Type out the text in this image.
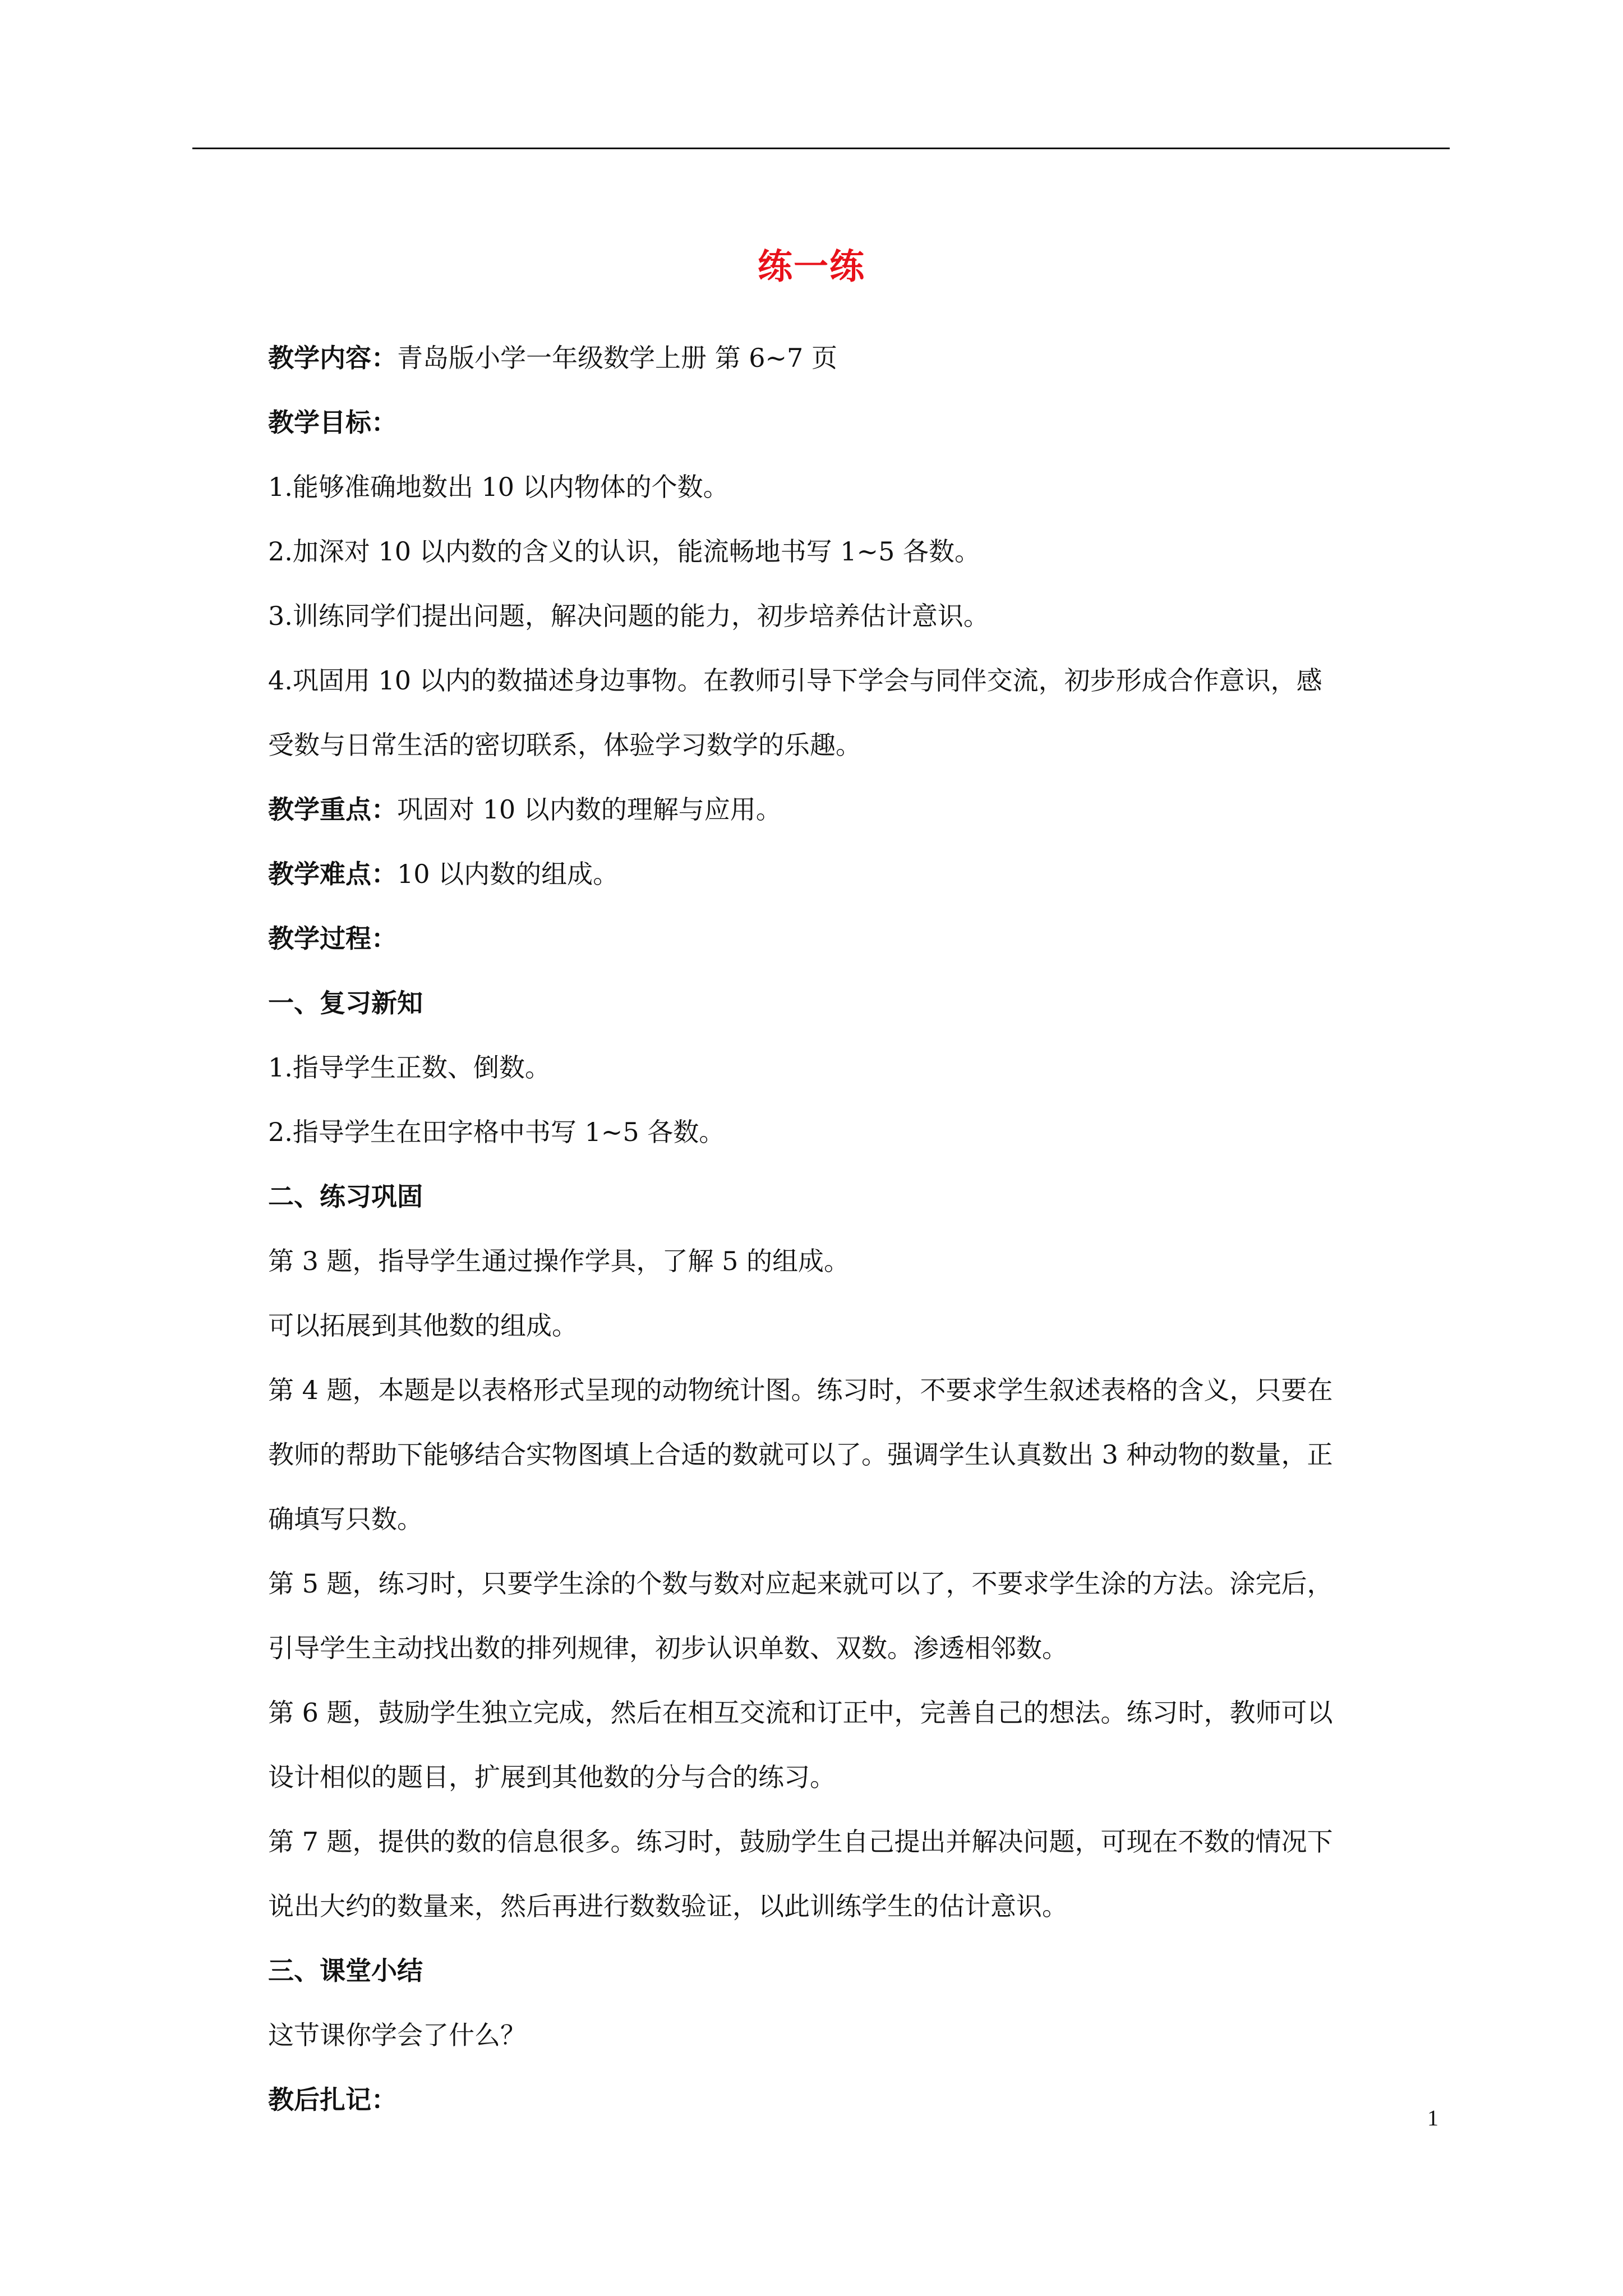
练一练
教学内容：青岛版小学一年级数学上册 第 6~7 页
教学目标：
1.能够准确地数出 10 以内物体的个数。
2.加深对 10 以内数的含义的认识，能流畅地书写 1~5 各数。
3.训练同学们提出问题，解决问题的能力，初步培养估计意识。
4.巩固用 10 以内的数描述身边事物。在教师引导下学会与同伴交流，初步形成合作意识，感
受数与日常生活的密切联系，体验学习数学的乐趣。
教学重点：巩固对 10 以内数的理解与应用。
教学难点：10 以内数的组成。
教学过程：
一、复习新知
1.指导学生正数、倒数。
2.指导学生在田字格中书写 1~5 各数。
二、练习巩固
第 3 题，指导学生通过操作学具，了解 5 的组成。
可以拓展到其他数的组成。
第 4 题，本题是以表格形式呈现的动物统计图。练习时，不要求学生叙述表格的含义，只要在
教师的帮助下能够结合实物图填上合适的数就可以了。强调学生认真数出 3 种动物的数量，正
确填写只数。
第 5 题，练习时，只要学生涂的个数与数对应起来就可以了，不要求学生涂的方法。涂完后，
引导学生主动找出数的排列规律，初步认识单数、双数。渗透相邻数。
第 6 题，鼓励学生独立完成，然后在相互交流和订正中，完善自己的想法。练习时，教师可以
设计相似的题目，扩展到其他数的分与合的练习。
第 7 题，提供的数的信息很多。练习时，鼓励学生自己提出并解决问题，可现在不数的情况下
说出大约的数量来，然后再进行数数验证，以此训练学生的估计意识。
三、课堂小结
这节课你学会了什么？
教后扎记：
1
